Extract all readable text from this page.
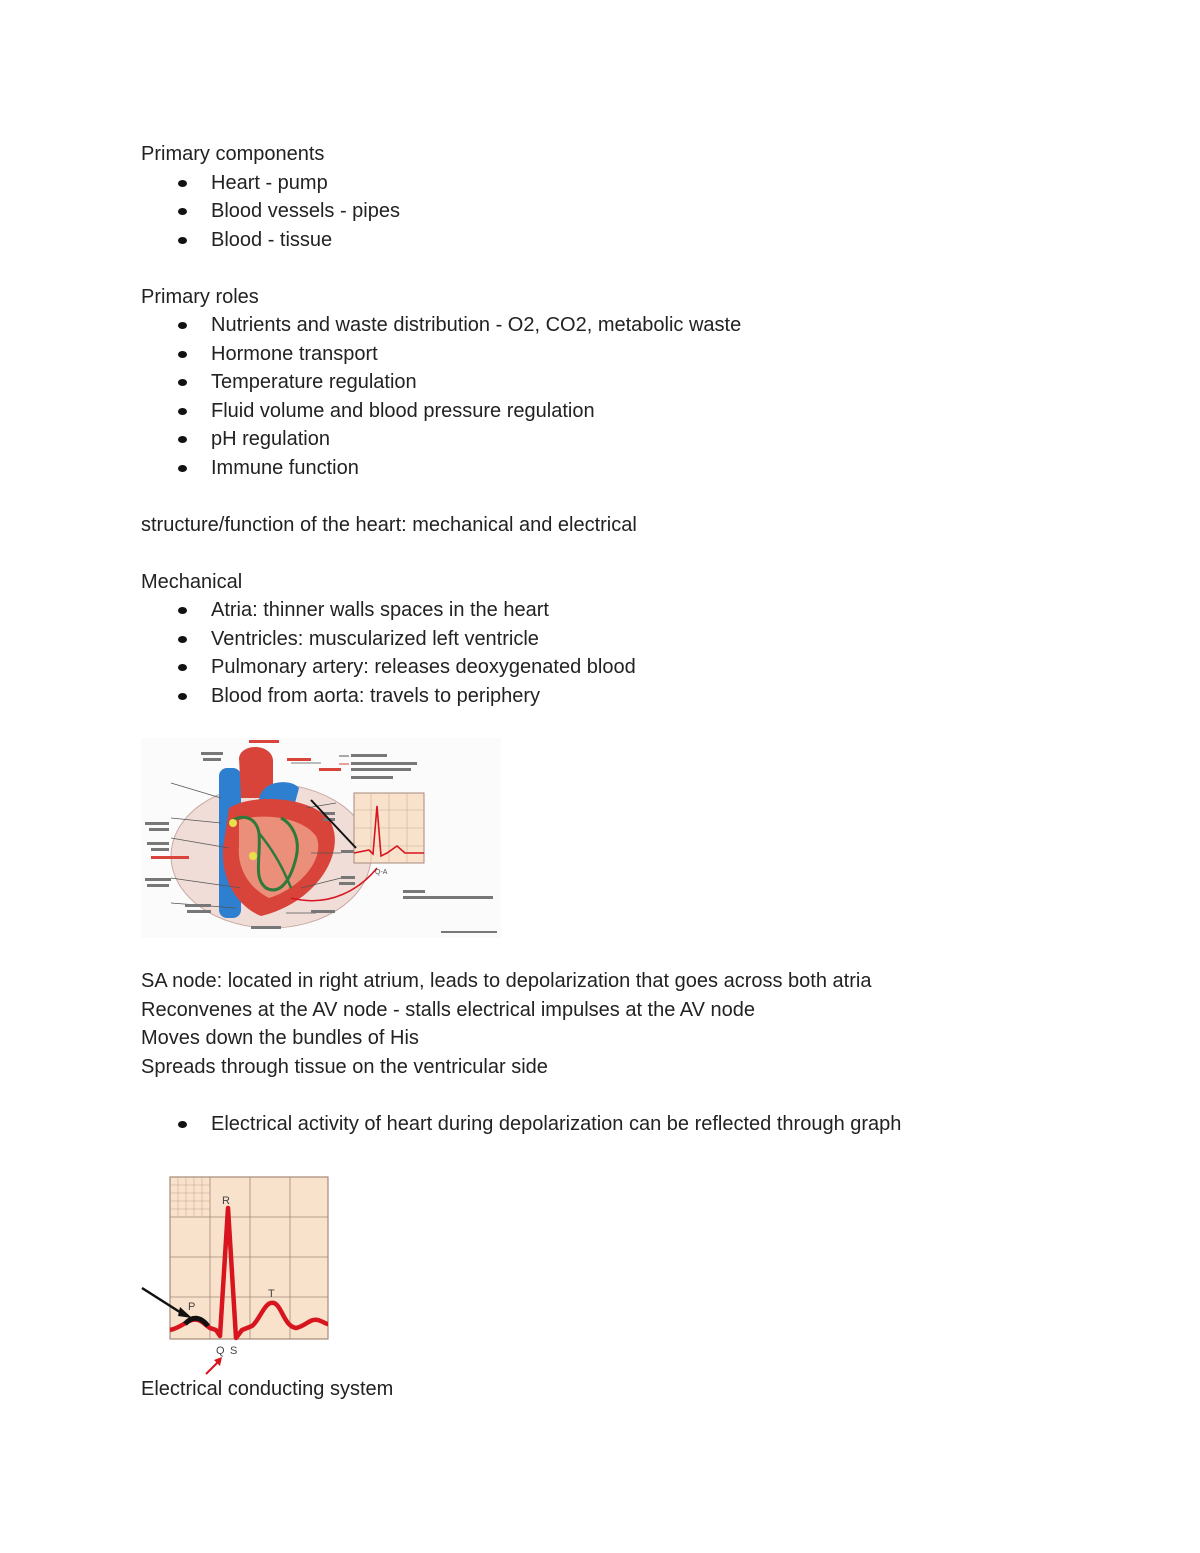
Primary components
Heart - pump
Blood vessels - pipes
Blood - tissue
Primary roles
Nutrients and waste distribution - O2, CO2, metabolic waste
Hormone transport
Temperature regulation
Fluid volume and blood pressure regulation
pH regulation
Immune function
structure/function of the heart: mechanical and electrical
Mechanical
Atria: thinner walls spaces in the heart
Ventricles: muscularized left ventricle
Pulmonary artery: releases deoxygenated blood
Blood from aorta: travels to periphery
Q-A
SA node: located in right atrium, leads to depolarization that goes across both atria
Reconvenes at the AV node - stalls electrical impulses at the AV node
Moves down the bundles of His
Spreads through tissue on the ventricular side
Electrical activity of heart during depolarization can be reflected through graph
R
T
P
Q S
Electrical conducting system
